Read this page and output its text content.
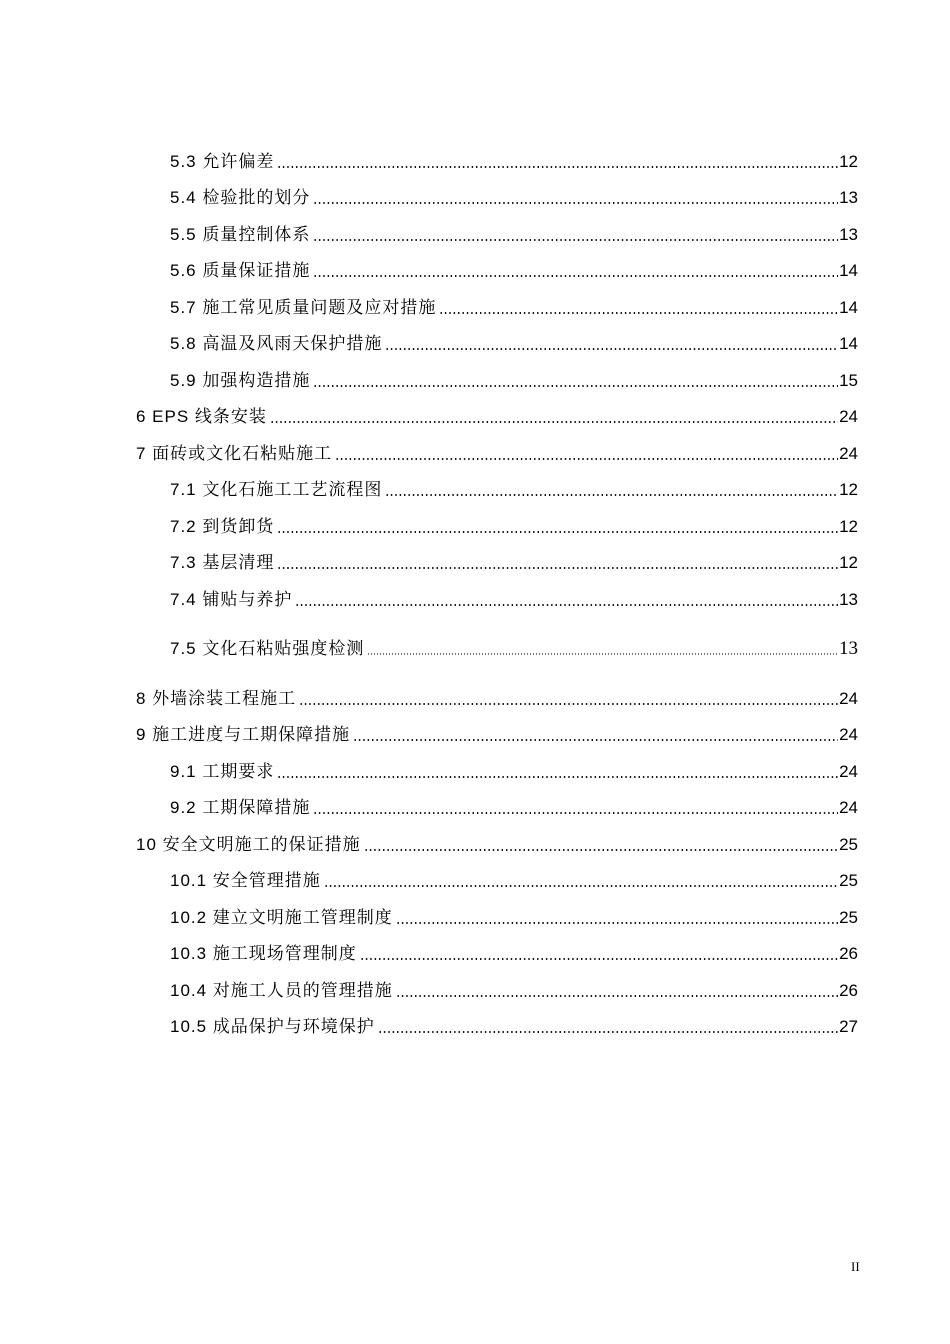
5.3 允许偏差	12
5.4 检验批的划分	13
5.5 质量控制体系	13
5.6 质量保证措施	14
5.7 施工常见质量问题及应对措施	14
5.8 高温及风雨天保护措施	14
5.9 加强构造措施	15
6 EPS 线条安装	24
7 面砖或文化石粘贴施工	24
7.1 文化石施工工艺流程图	12
7.2 到货卸货	12
7.3 基层清理	12
7.4 铺贴与养护	13
7.5 文化石粘贴强度检测	13
8 外墙涂装工程施工	24
9 施工进度与工期保障措施	24
9.1 工期要求	24
9.2 工期保障措施	24
10 安全文明施工的保证措施	25
10.1 安全管理措施	25
10.2 建立文明施工管理制度	25
10.3 施工现场管理制度	26
10.4 对施工人员的管理措施	26
10.5 成品保护与环境保护	27
II
